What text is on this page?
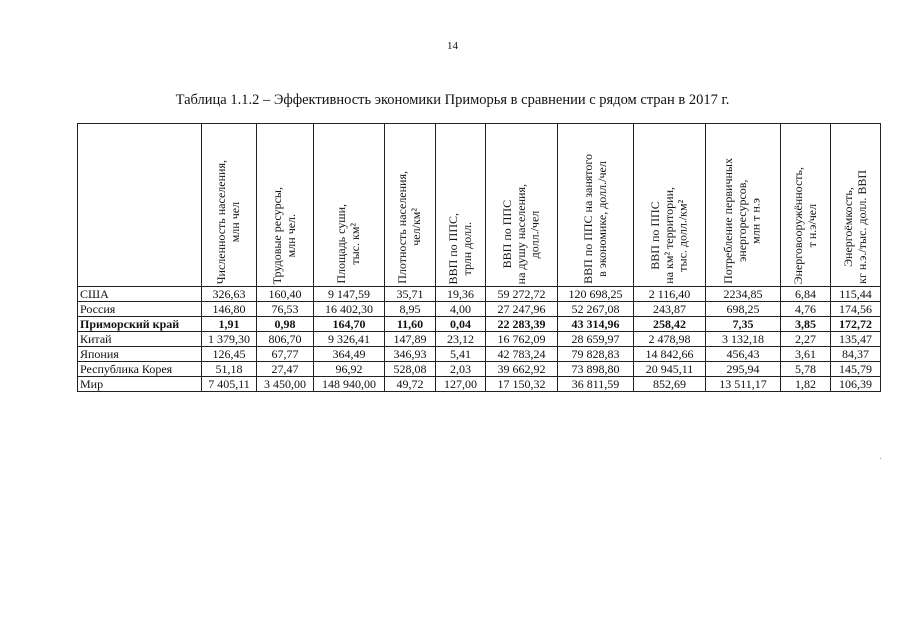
14
Таблица 1.1.2 – Эффективность экономики Приморья в сравнении с рядом стран в 2017 г.
	Численность населения,
млн чел	Трудовые ресурсы,
млн чел.	Площадь суши,
тыс. км²	Плотность населения,
чел/км²	ВВП по ППС,
трлн долл.	ВВП по ППС
на душу населения,
долл./чел	ВВП по ППС на занятого
в экономике, долл./чел	ВВП по ППС
на км² территории,
тыс. долл./км²	Потребление первичных
энергоресурсов,
млн т н.э	Энерговооружённость,
т н.э/чел	Энергоёмкость,
кг н.э./тыс. долл. ВВП
США	326,63	160,40	9 147,59	35,71	19,36	59 272,72	120 698,25	2 116,40	2234,85	6,84	115,44
Россия	146,80	76,53	16 402,30	8,95	4,00	27 247,96	52 267,08	243,87	698,25	4,76	174,56
Приморский край	1,91	0,98	164,70	11,60	0,04	22 283,39	43 314,96	258,42	7,35	3,85	172,72
Китай	1 379,30	806,70	9 326,41	147,89	23,12	16 762,09	28 659,97	2 478,98	3 132,18	2,27	135,47
Япония	126,45	67,77	364,49	346,93	5,41	42 783,24	79 828,83	14 842,66	456,43	3,61	84,37
Республика Корея	51,18	27,47	96,92	528,08	2,03	39 662,92	73 898,80	20 945,11	295,94	5,78	145,79
Мир	7 405,11	3 450,00	148 940,00	49,72	127,00	17 150,32	36 811,59	852,69	13 511,17	1,82	106,39
